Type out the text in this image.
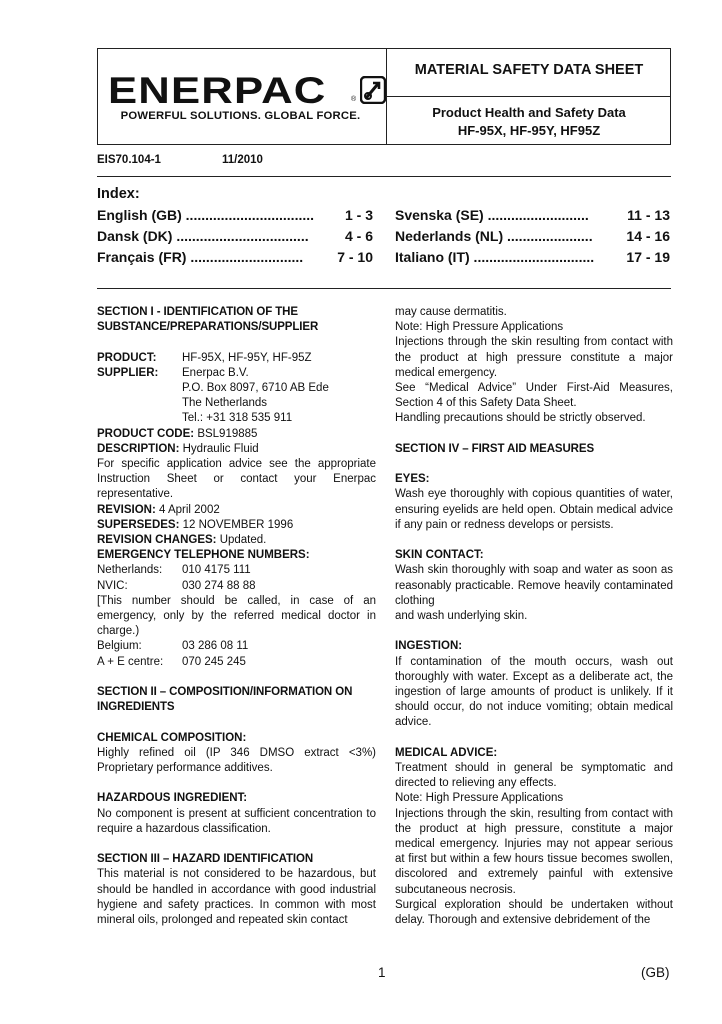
ENERPAC	®
POWERFUL SOLUTIONS. GLOBAL FORCE.
MATERIAL SAFETY DATA SHEET
Product Health and Safety Data
HF-95X, HF-95Y, HF95Z
EIS70.104-1	11/2010
Index:
English (GB) ................................. 1 - 3
Dansk (DK) ..................................	4 - 6
Français (FR) ............................. 7 - 10
Svenska (SE) ..........................	11 - 13
Nederlands (NL) ...................... 14 - 16
Italiano (IT) ............................... 17 - 19
SECTION I - IDENTIFICATION OF THE
SUBSTANCE/PREPARATIONS/SUPPLIER
PRODUCT:	HF-95X, HF-95Y, HF-95Z
SUPPLIER:	Enerpac B.V.
P.O. Box 8097, 6710 AB Ede
The Netherlands
Tel.: +31 318 535 911
PRODUCT CODE: BSL919885
DESCRIPTION: Hydraulic Fluid

For specific application advice see the appropriate Instruction Sheet or contact your Enerpac representative.

REVISION: 4 April 2002
SUPERSEDES: 12 NOVEMBER 1996
REVISION CHANGES: Updated.
EMERGENCY TELEPHONE NUMBERS:
Netherlands:	010 4175 111
NVIC:	030 274 88 88

[This number should be called, in case of an emergency, only by the referred medical doctor in charge.)

Belgium:	03 286 08 11
A + E centre:	070 245 245
SECTION II – COMPOSITION/INFORMATION ON
INGREDIENTS
CHEMICAL COMPOSITION:

Highly refined oil (IP 346 DMSO extract <3%) Proprietary performance additives.

HAZARDOUS INGREDIENT:

No component is present at sufficient concentration to require a hazardous classification.

SECTION III – HAZARD IDENTIFICATION

This material is not considered to be hazardous, but should be handled in accordance with good industrial hygiene and safety practices. In common with most mineral oils, prolonged and repeated skin contact

may cause dermatitis.
Note: High Pressure Applications

Injections through the skin resulting from contact with the product at high pressure constitute a major medical emergency.

See “Medical Advice” Under First-Aid Measures, Section 4 of this Safety Data Sheet.

Handling precautions should be strictly observed.
SECTION IV – FIRST AID MEASURES
EYES:

Wash eye thoroughly with copious quantities of water, ensuring eyelids are held open. Obtain medical advice if any pain or redness develops or persists.

SKIN CONTACT:

Wash skin thoroughly with soap and water as soon as reasonably practicable. Remove heavily contaminated clothing

and wash underlying skin.
INGESTION:

If contamination of the mouth occurs, wash out thoroughly with water. Except as a deliberate act, the ingestion of large amounts of product is unlikely. If it should occur, do not induce vomiting; obtain medical advice.

MEDICAL ADVICE:

Treatment should in general be symptomatic and directed to relieving any effects.

Note: High Pressure Applications

Injections through the skin, resulting from contact with the product at high pressure, constitute a major medical emergency. Injuries may not appear serious at first but within a few hours tissue becomes swollen, discolored and extremely painful with extensive subcutaneous necrosis.

Surgical exploration should be undertaken without delay. Thorough and extensive debridement of the

1	(GB)
